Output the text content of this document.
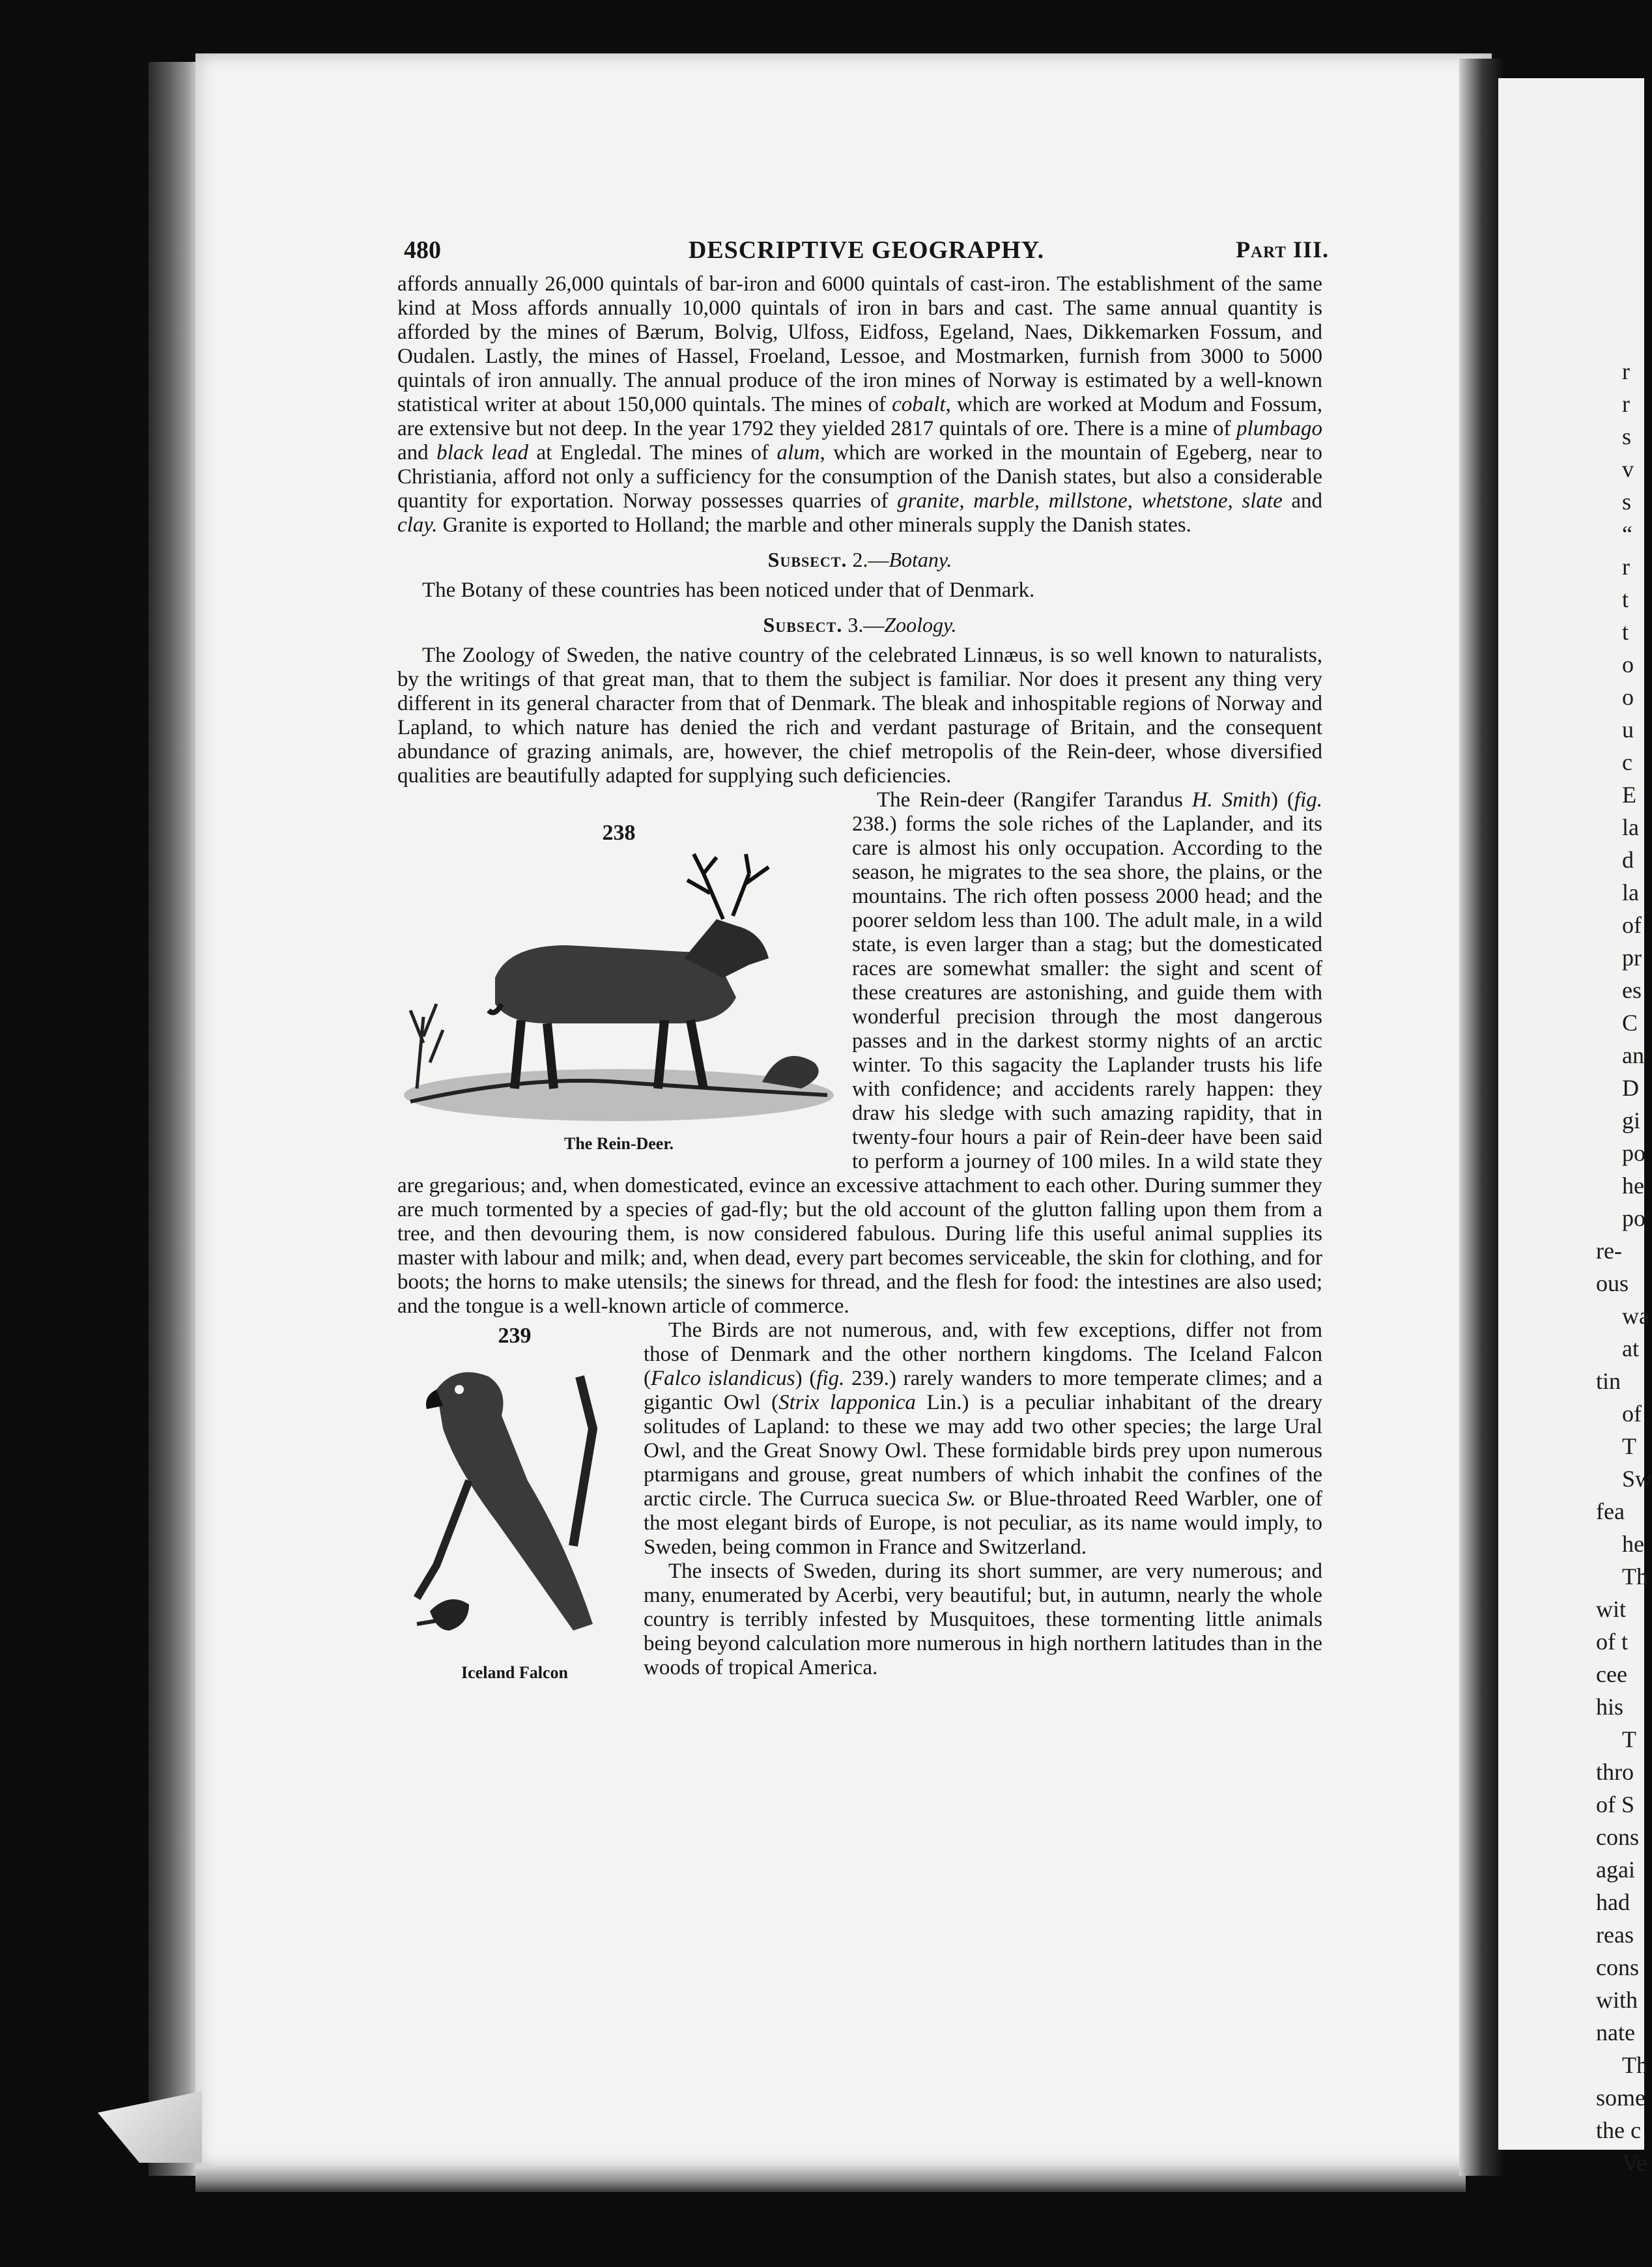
r
r
s
v
s
“
r
t
t
o
o
u
c
E
la
d
la
of
pr
es
C
an
D
gi
po
he
po
re-
ous
wa
at
tin
of
T
Sw
fea
he
Th
wit
of t
cee
his
T
thro
of S
cons
agai
had
reas
cons
with
nate
Th
some
the c
Ve
480	DESCRIPTIVE GEOGRAPHY.	Part III.

affords annually 26,000 quintals of bar-iron and 6000 quintals of cast-iron. The establishment of the same kind at Moss affords annually 10,000 quintals of iron in bars and cast. The same annual quantity is afforded by the mines of Bærum, Bolvig, Ulfoss, Eidfoss, Egeland, Naes, Dikkemarken Fossum, and Oudalen. Lastly, the mines of Hassel, Froeland, Lessoe, and Mostmarken, furnish from 3000 to 5000 quintals of iron annually. The annual produce of the iron mines of Norway is estimated by a well-known statistical writer at about 150,000 quintals. The mines of cobalt, which are worked at Modum and Fossum, are extensive but not deep. In the year 1792 they yielded 2817 quintals of ore. There is a mine of plumbago and black lead at Engledal. The mines of alum, which are worked in the mountain of Egeberg, near to Christiania, afford not only a sufficiency for the consumption of the Danish states, but also a considerable quantity for exportation. Norway possesses quarries of granite, marble, millstone, whetstone, slate and clay. Granite is exported to Holland; the marble and other minerals supply the Danish states.

Subsect. 2.—Botany.

The Botany of these countries has been noticed under that of Denmark.

Subsect. 3.—Zoology.

The Zoology of Sweden, the native country of the celebrated Linnæus, is so well known to naturalists, by the writings of that great man, that to them the subject is familiar. Nor does it present any thing very different in its general character from that of Denmark. The bleak and inhospitable regions of Norway and Lapland, to which nature has denied the rich and verdant pasturage of Britain, and the consequent abundance of grazing animals, are, however, the chief metropolis of the Rein-deer, whose diversified qualities are beautifully adapted for supplying such deficiencies.

238
The Rein-Deer.
The Rein-deer (Rangifer Tarandus H. Smith) (fig. 238.) forms the sole riches of the Laplander, and its care is almost his only occupation. According to the season, he migrates to the sea shore, the plains, or the mountains. The rich often possess 2000 head; and the poorer seldom less than 100. The adult male, in a wild state, is even larger than a stag; but the domesticated races are somewhat smaller: the sight and scent of these creatures are astonishing, and guide them with wonderful precision through the most dangerous passes and in the darkest stormy nights of an arctic winter. To this sagacity the Laplander trusts his life with confidence; and accidents rarely happen: they draw his sledge with such amazing rapidity, that in twenty-four hours a pair of Rein-deer have been said to perform a journey of 100 miles. In a wild state they are gregarious; and, when domesticated, evince an excessive attachment to each other. During summer they are much tormented by a species of gad-fly; but the old account of the glutton falling upon them from a tree, and then devouring them, is now considered fabulous. During life this useful animal supplies its master with labour and milk; and, when dead, every part becomes serviceable, the skin for clothing, and for boots; the horns to make utensils; the sinews for thread, and the flesh for food: the intestines are also used; and the tongue is a well-known article of commerce.

239
Iceland Falcon
The Birds are not numerous, and, with few exceptions, differ not from those of Denmark and the other northern kingdoms. The Iceland Falcon (Falco islandicus) (fig. 239.) rarely wanders to more temperate climes; and a gigantic Owl (Strix lapponica Lin.) is a peculiar inhabitant of the dreary solitudes of Lapland: to these we may add two other species; the large Ural Owl, and the Great Snowy Owl. These formidable birds prey upon numerous ptarmigans and grouse, great numbers of which inhabit the confines of the arctic circle. The Curruca suecica Sw. or Blue-throated Reed Warbler, one of the most elegant birds of Europe, is not peculiar, as its name would imply, to Sweden, being common in France and Switzerland.

The insects of Sweden, during its short summer, are very numerous; and many, enumerated by Acerbi, very beautiful; but, in autumn, nearly the whole country is terribly infested by Musquitoes, these tormenting little animals being beyond calculation more numerous in high northern latitudes than in the woods of tropical America.
